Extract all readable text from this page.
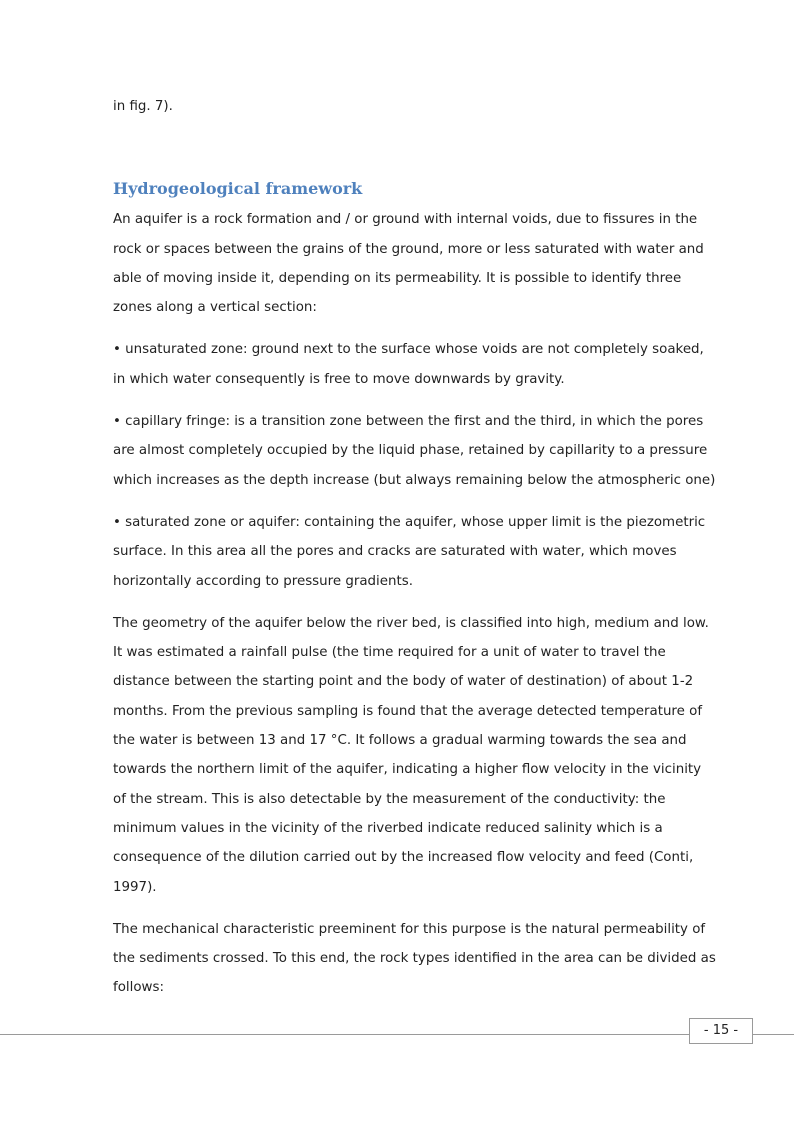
in fig. 7).

Hydrogeological framework

An aquifer is a rock formation and / or ground with internal voids, due to fissures in the

rock or spaces between the grains of the ground, more or less saturated with water and

able of moving inside it, depending on its permeability. It is possible to identify three

zones along a vertical section:

• unsaturated zone: ground next to the surface whose voids are not completely soaked,

in which water consequently is free to move downwards by gravity.

• capillary fringe: is a transition zone between the first and the third, in which the pores

are almost completely occupied by the liquid phase, retained by capillarity to a pressure

which increases as the depth increase (but always remaining below the atmospheric one)

• saturated zone or aquifer: containing the aquifer, whose upper limit is the piezometric

surface. In this area all the pores and cracks are saturated with water, which moves

horizontally according to pressure gradients.

The geometry of the aquifer below the river bed, is classified into high, medium and low.

It was estimated a rainfall pulse (the time required for a unit of water to travel the

distance between the starting point and the body of water of destination) of about 1-2

months. From the previous sampling is found that the average detected temperature of

the water is between 13 and 17 °C. It follows a gradual warming towards the sea and

towards the northern limit of the aquifer, indicating a higher flow velocity in the vicinity

of the stream. This is also detectable by the measurement of the conductivity: the

minimum values in the vicinity of the riverbed indicate reduced salinity which is a

consequence of the dilution carried out by the increased flow velocity and feed (Conti,

1997).

The mechanical characteristic preeminent for this purpose is the natural permeability of

the sediments crossed. To this end, the rock types identified in the area can be divided as

follows:

- 15 -
